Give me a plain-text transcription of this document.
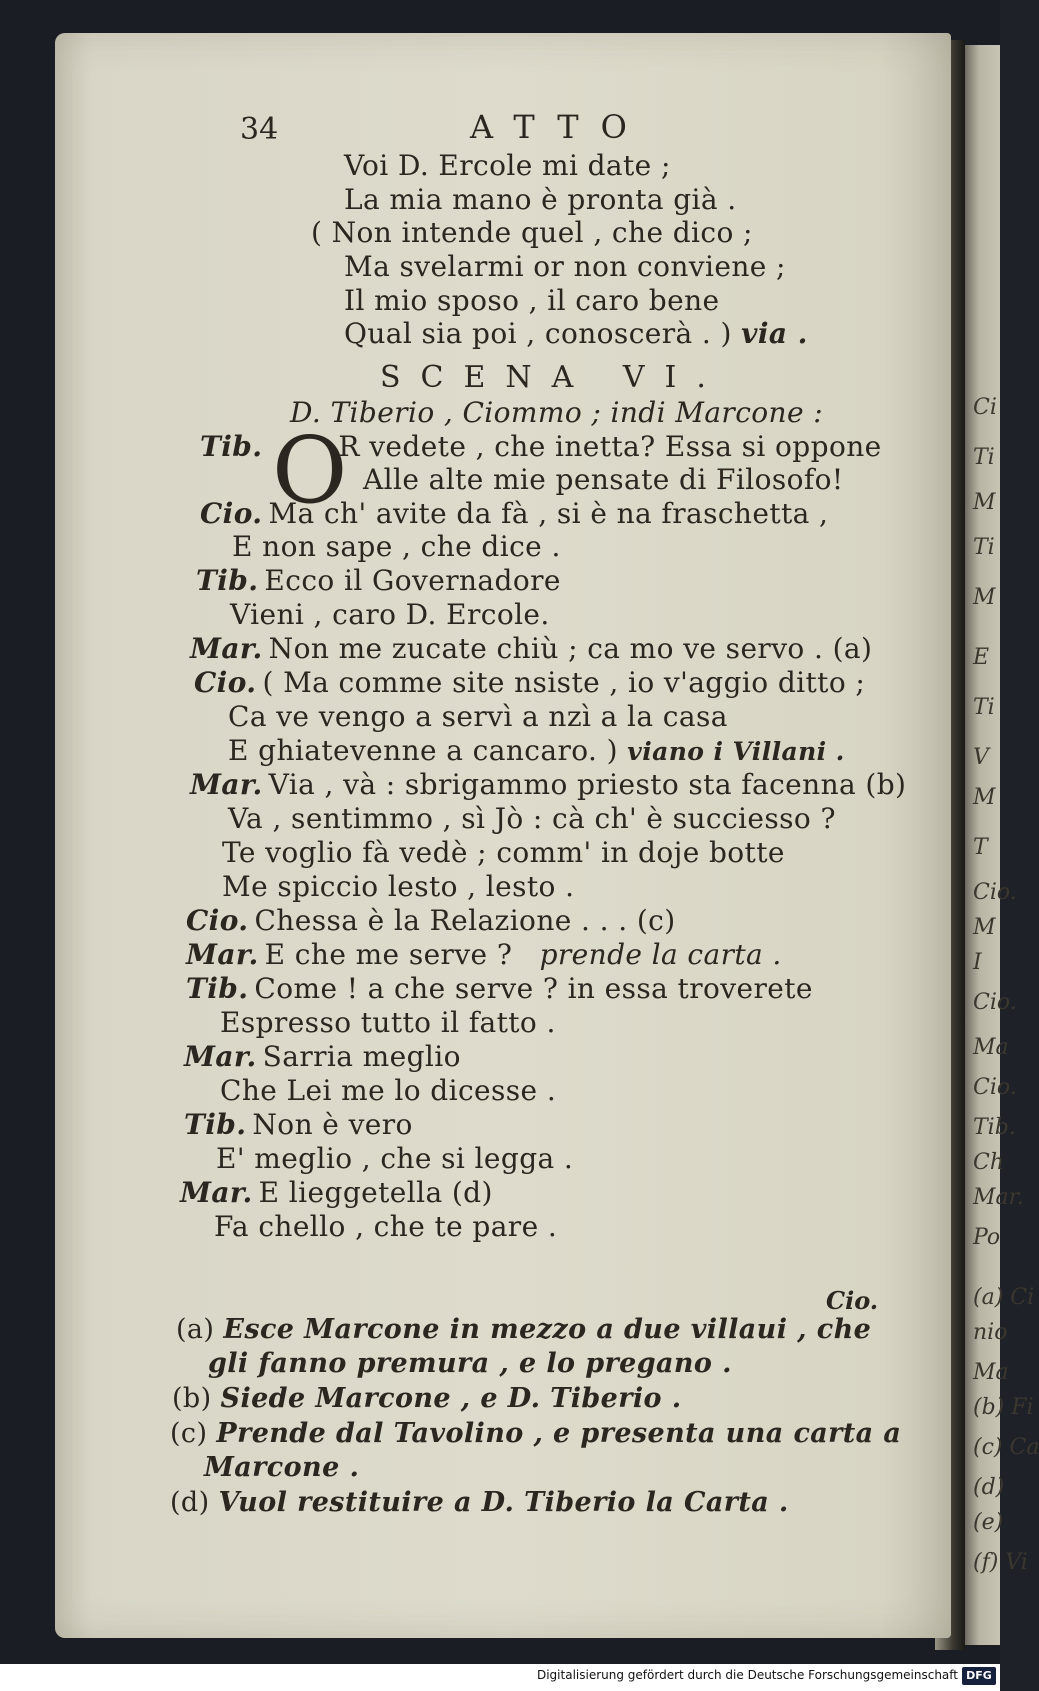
Ci
Ti
M
Ti
M
E
Ti
V
M
T
Cio.
M
I
Cio.
Ma
Cio.
Tib.
Ch
Mar.
Po
(a) Ci
nio
Ma
(b) Fi
(c) Ca
(d)
(e)
(f) Vi
34	ATTO
Voi D. Ercole mi date ;
La mia mano è pronta già .
( Non intende quel , che dico ;
Ma svelarmi or non conviene ;
Il mio sposo , il caro bene
Qual sia poi , conoscerà . ) via .
SCENA VI.
D. Tiberio , Ciommo ; indi Marcone :
O
Tib.	R vedete , che inetta? Essa si oppone
Alle alte mie pensate di Filosofo!
Cio. Ma ch' avite da fà , si è na fraschetta ,
E non sape , che dice .
Tib. Ecco il Governadore
Vieni , caro D. Ercole.
Mar. Non me zucate chiù ; ca mo ve servo . (a)
Cio. ( Ma comme site nsiste , io v'aggio ditto ;
Ca ve vengo a servì a nzì a la casa
E ghiatevenne a cancaro. ) viano i Villani .
Mar. Via , và : sbrigammo priesto sta facenna (b)
Va , sentimmo , sì Jò : cà ch' è succiesso ?
Te voglio fà vedè ; comm' in doje botte
Me spiccio lesto , lesto .
Cio. Chessa è la Relazione . . . (c)
Mar. E che me serve ? prende la carta .
Tib. Come ! a che serve ? in essa troverete
Espresso tutto il fatto .
Mar. Sarria meglio
Che Lei me lo dicesse .
Tib. Non è vero
E' meglio , che si legga .
Mar. E lieggetella (d)
Fa chello , che te pare .
Cio.
(a) Esce Marcone in mezzo a due villaui , che
gli fanno premura , e lo pregano .
(b) Siede Marcone , e D. Tiberio .
(c) Prende dal Tavolino , e presenta una carta a
Marcone .
(d) Vuol restituire a D. Tiberio la Carta .
Digitalisierung gefördert durch die Deutsche Forschungsgemeinschaft DFG
